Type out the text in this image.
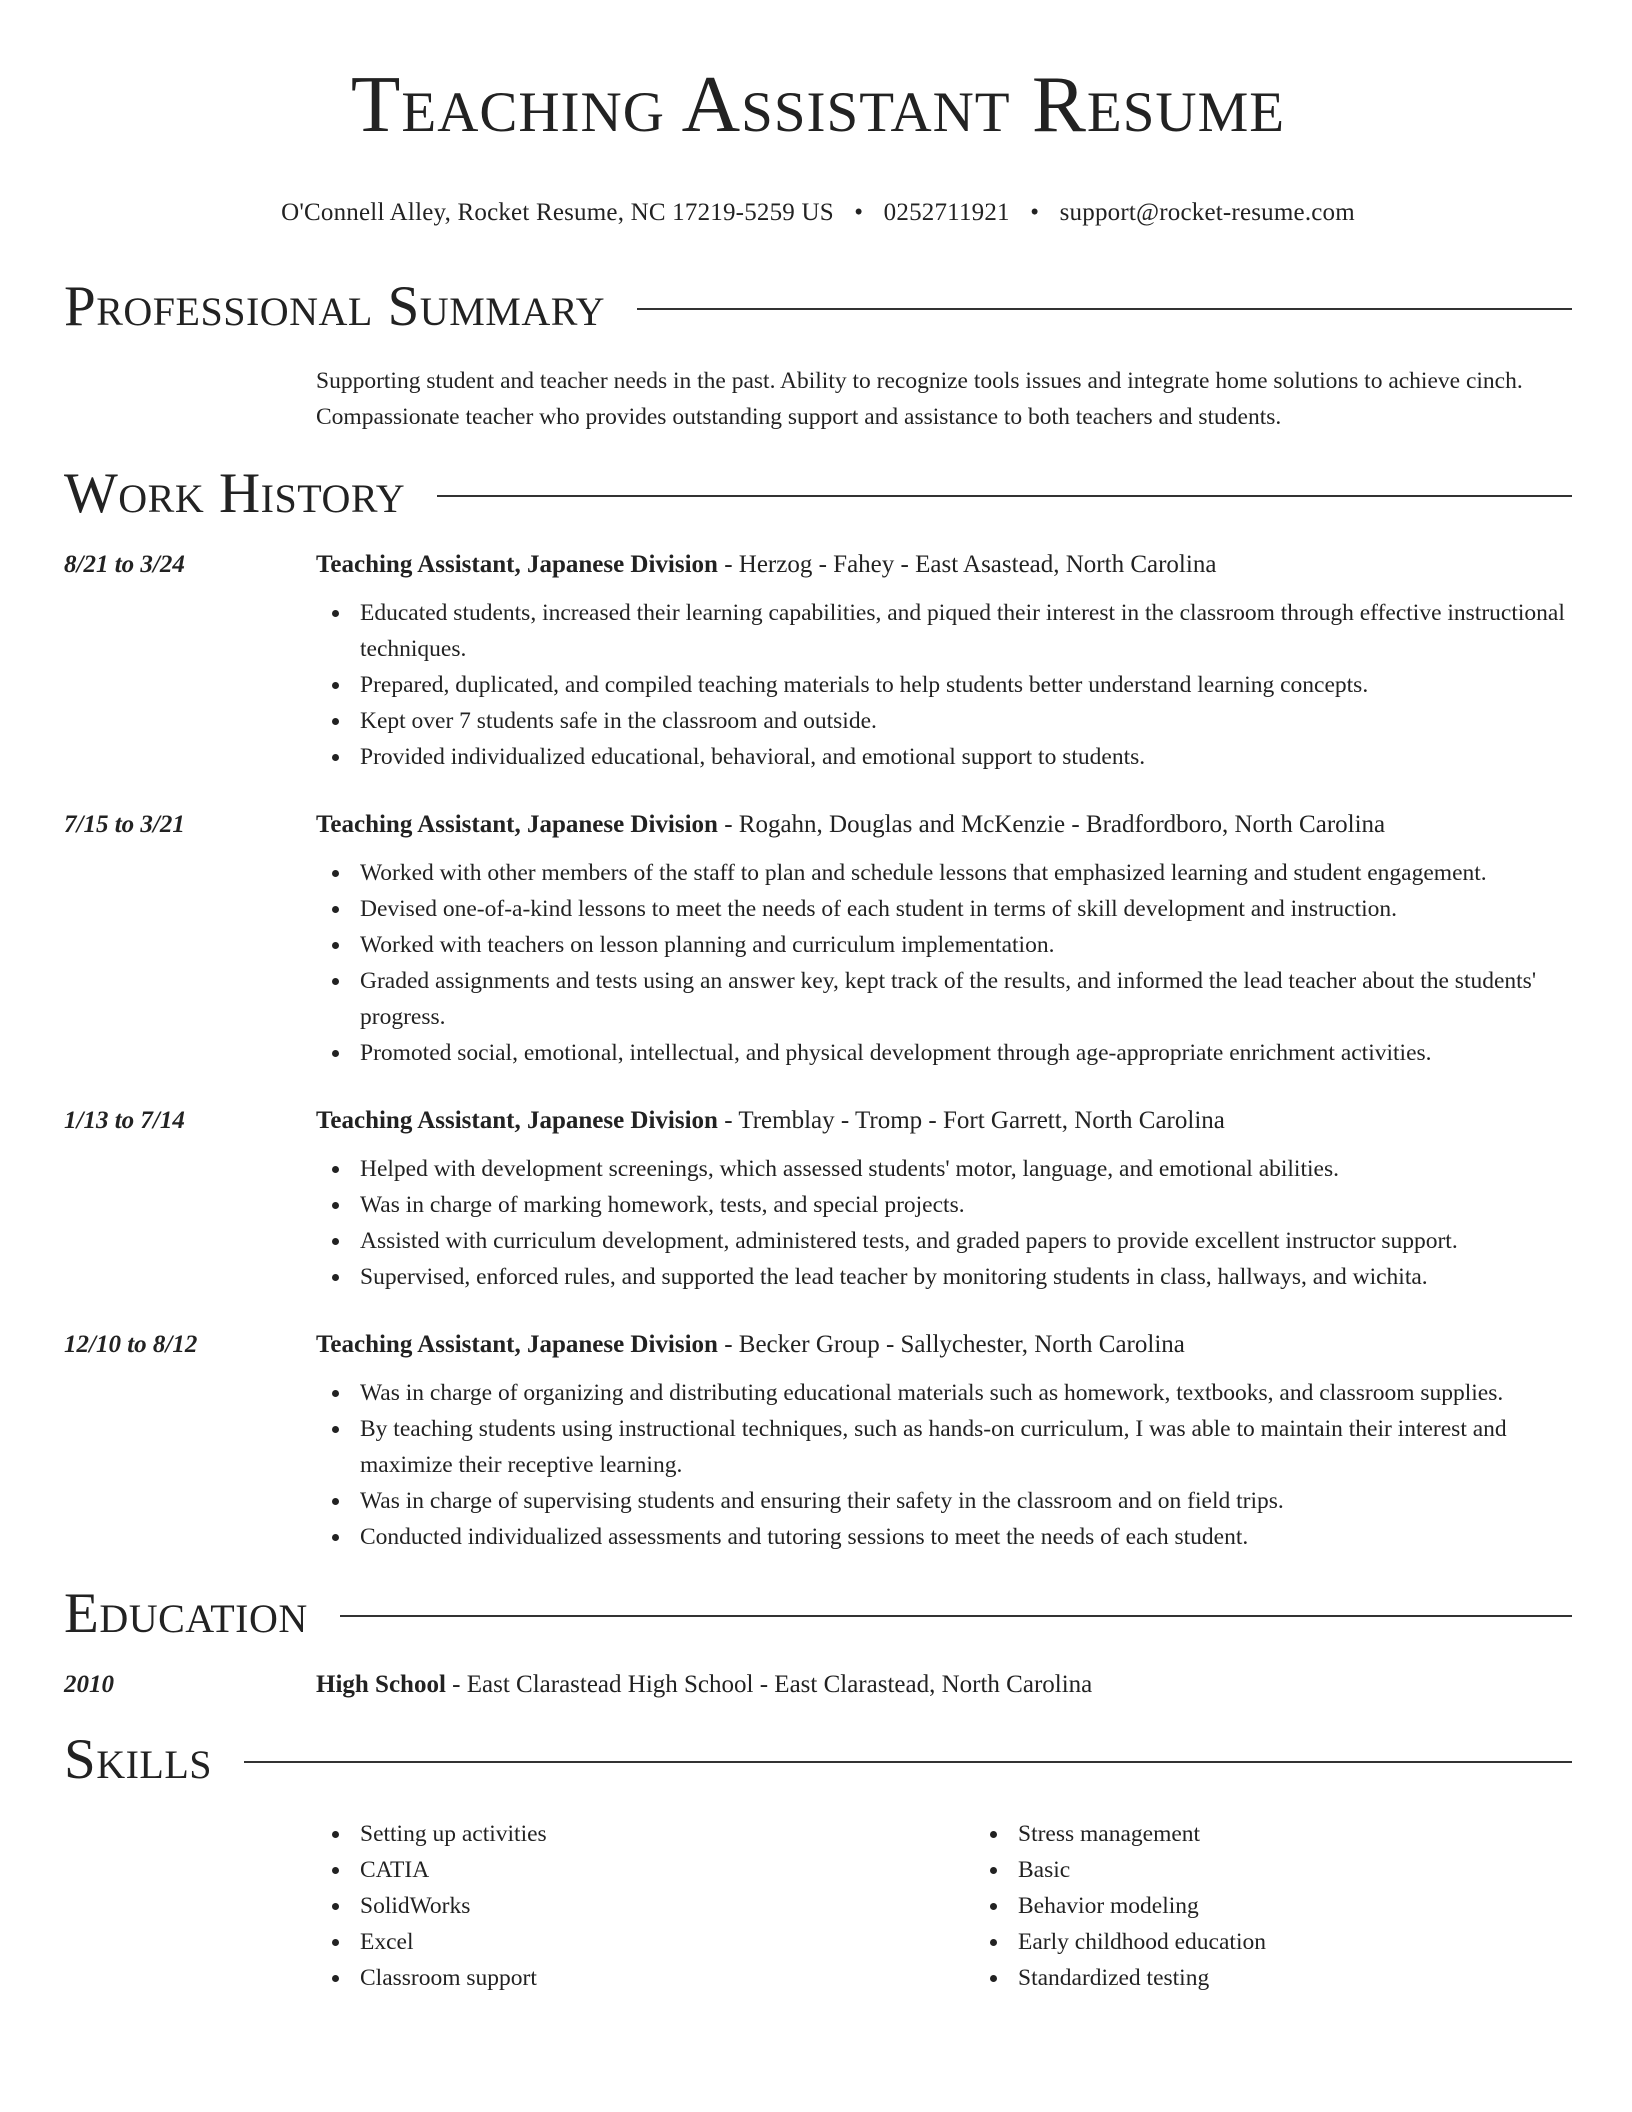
Teaching Assistant Resume
O'Connell Alley, Rocket Resume, NC 17219-5259 US • 0252711921 • support@rocket-resume.com
Professional Summary

Supporting student and teacher needs in the past. Ability to recognize tools issues and integrate home solutions to achieve cinch. Compassionate teacher who provides outstanding support and assistance to both teachers and students.

Work History
8/21 to 3/24	Teaching Assistant, Japanese Division - Herzog - Fahey - East Asastead, North Carolina
Educated students, increased their learning capabilities, and piqued their interest in the classroom through effective instructional techniques.
Prepared, duplicated, and compiled teaching materials to help students better understand learning concepts.
Kept over 7 students safe in the classroom and outside.
Provided individualized educational, behavioral, and emotional support to students.
7/15 to 3/21	Teaching Assistant, Japanese Division - Rogahn, Douglas and McKenzie - Bradfordboro, North Carolina
Worked with other members of the staff to plan and schedule lessons that emphasized learning and student engagement.
Devised one-of-a-kind lessons to meet the needs of each student in terms of skill development and instruction.
Worked with teachers on lesson planning and curriculum implementation.
Graded assignments and tests using an answer key, kept track of the results, and informed the lead teacher about the students' progress.
Promoted social, emotional, intellectual, and physical development through age-appropriate enrichment activities.
1/13 to 7/14	Teaching Assistant, Japanese Division - Tremblay - Tromp - Fort Garrett, North Carolina
Helped with development screenings, which assessed students' motor, language, and emotional abilities.
Was in charge of marking homework, tests, and special projects.
Assisted with curriculum development, administered tests, and graded papers to provide excellent instructor support.
Supervised, enforced rules, and supported the lead teacher by monitoring students in class, hallways, and wichita.
12/10 to 8/12	Teaching Assistant, Japanese Division - Becker Group - Sallychester, North Carolina
Was in charge of organizing and distributing educational materials such as homework, textbooks, and classroom supplies.
By teaching students using instructional techniques, such as hands-on curriculum, I was able to maintain their interest and maximize their receptive learning.
Was in charge of supervising students and ensuring their safety in the classroom and on field trips.
Conducted individualized assessments and tutoring sessions to meet the needs of each student.
Education
2010	High School - East Clarastead High School - East Clarastead, North Carolina
Skills
Setting up activities
CATIA
SolidWorks
Excel
Classroom support
Stress management
Basic
Behavior modeling
Early childhood education
Standardized testing
